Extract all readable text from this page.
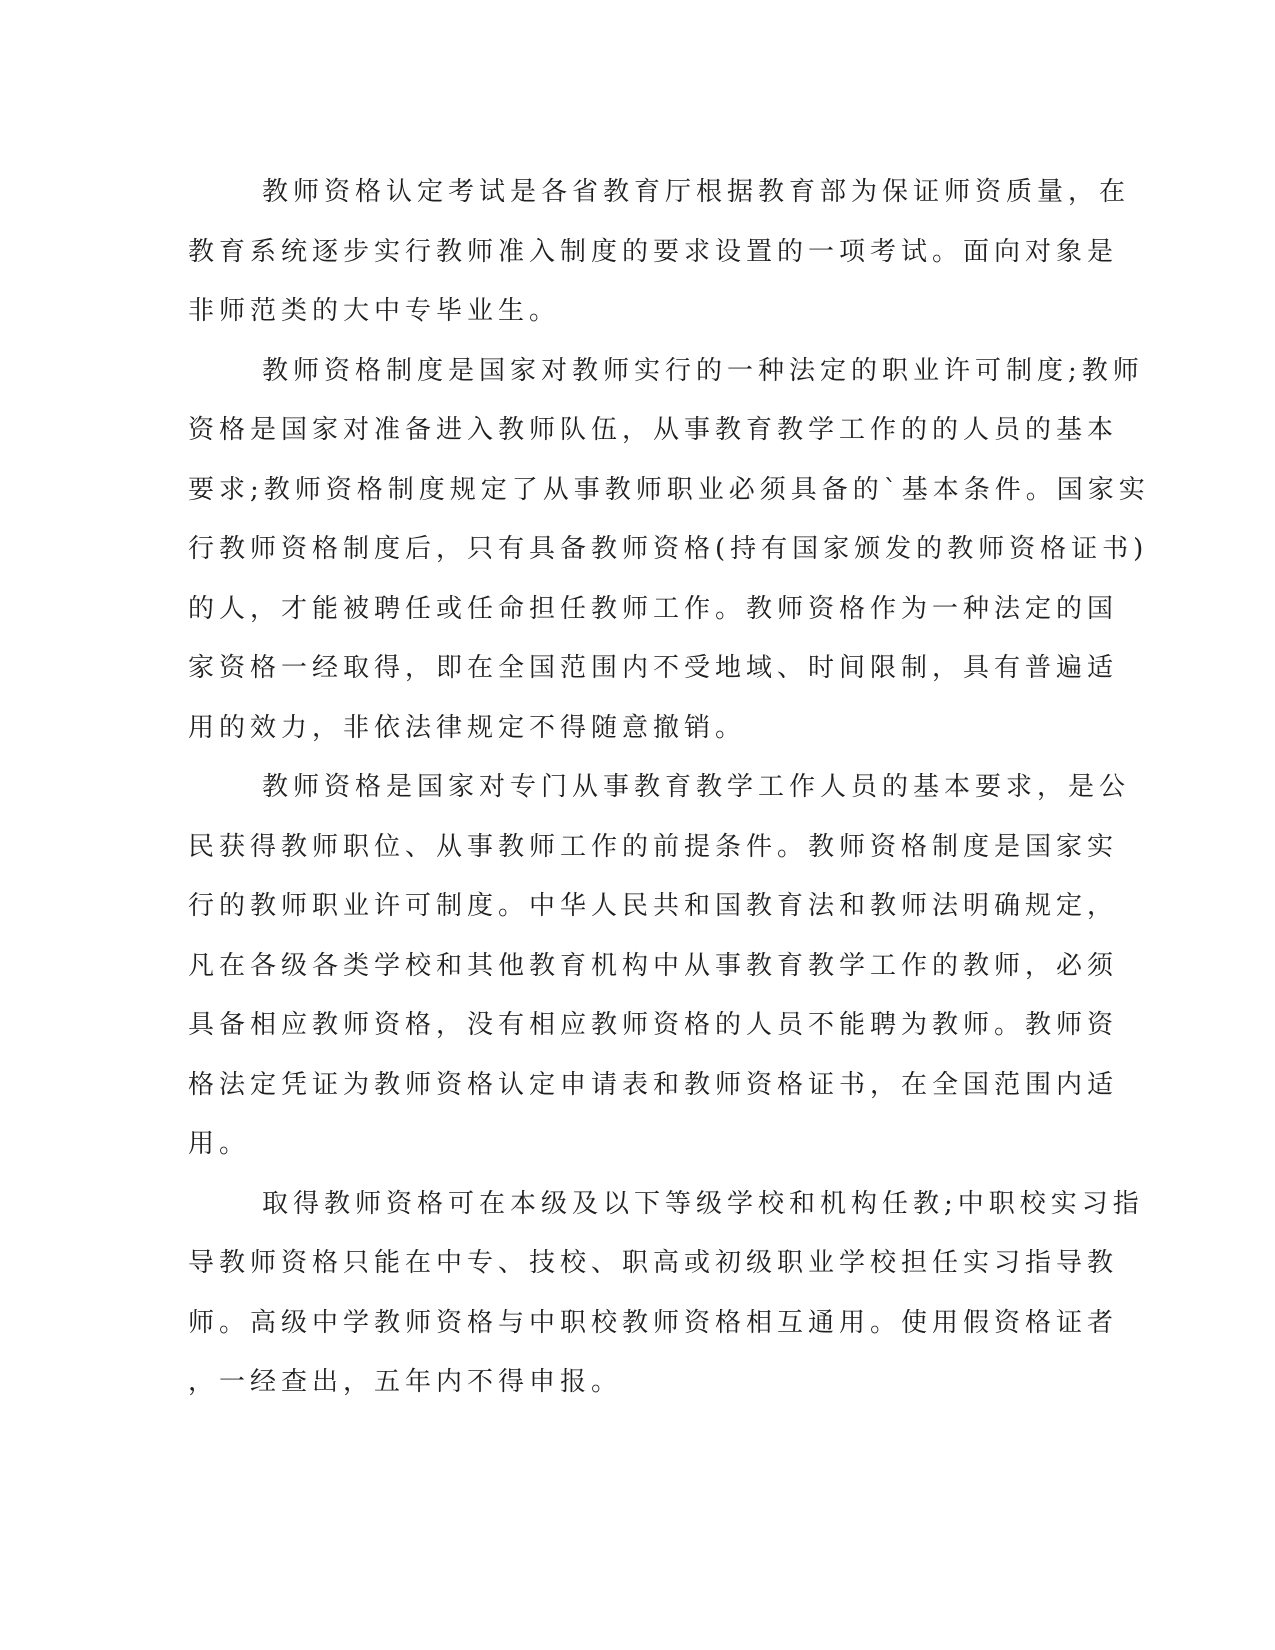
教师资格认定考试是各省教育厅根据教育部为保证师资质量，在
教育系统逐步实行教师准入制度的要求设置的一项考试。面向对象是
非师范类的大中专毕业生。
教师资格制度是国家对教师实行的一种法定的职业许可制度;教师
资格是国家对准备进入教师队伍，从事教育教学工作的的人员的基本
要求;教师资格制度规定了从事教师职业必须具备的`基本条件。国家实
行教师资格制度后，只有具备教师资格(持有国家颁发的教师资格证书)
的人，才能被聘任或任命担任教师工作。教师资格作为一种法定的国
家资格一经取得，即在全国范围内不受地域、时间限制，具有普遍适
用的效力，非依法律规定不得随意撤销。
教师资格是国家对专门从事教育教学工作人员的基本要求，是公
民获得教师职位、从事教师工作的前提条件。教师资格制度是国家实
行的教师职业许可制度。中华人民共和国教育法和教师法明确规定，
凡在各级各类学校和其他教育机构中从事教育教学工作的教师，必须
具备相应教师资格，没有相应教师资格的人员不能聘为教师。教师资
格法定凭证为教师资格认定申请表和教师资格证书，在全国范围内适
用。
取得教师资格可在本级及以下等级学校和机构任教;中职校实习指
导教师资格只能在中专、技校、职高或初级职业学校担任实习指导教
师。高级中学教师资格与中职校教师资格相互通用。使用假资格证者
，一经查出，五年内不得申报。
